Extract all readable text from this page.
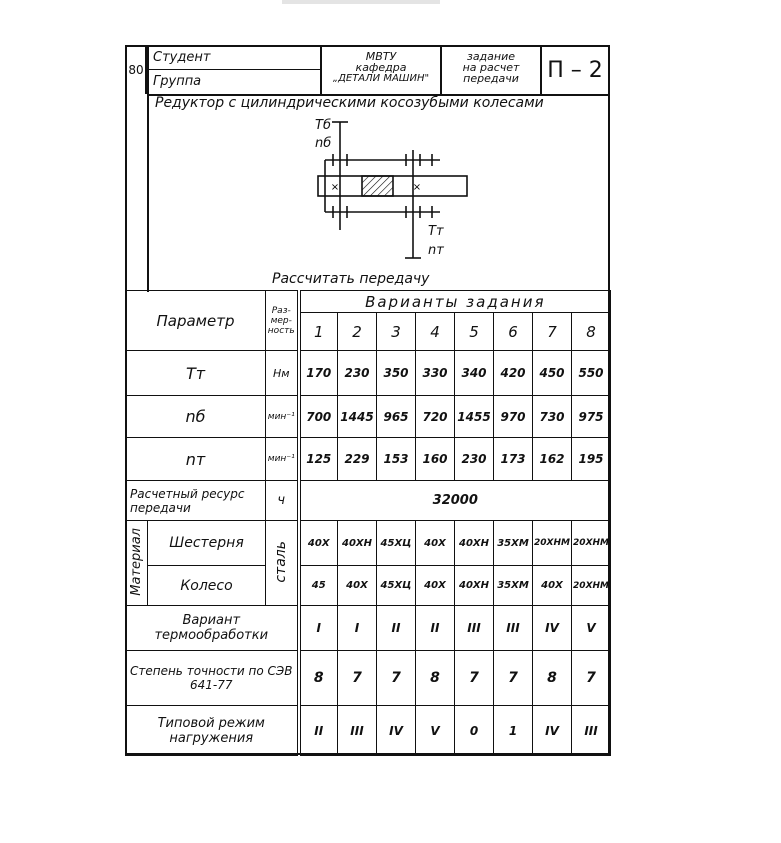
80
Студент
Группа
МВТУ
кафедра
„ДЕТАЛИ МАШИН"
задание
на расчет
передачи	П – 2
Редуктор с цилиндрическими косозубыми колесами
Рассчитать передачу
×	×
Tб
nб
Tт
nт
Параметр		Раз-мер-ность	Варианты задания							
			1	2	3	4	5	6	7	8
Tт		Нм	170	230	350	330	340	420	450	550
nб		мин⁻¹	700	1445	965	720	1455	970	730	975
nт		мин⁻¹	125	229	153	160	230	173	162	195
Расчетный ресурс передачи		ч	32000							
Материал	Шестерня	сталь	40Х	40ХН	45ХЦ	40Х	40ХН	35ХМ	20ХНМ	20ХНМ
	Колесо		45	40Х	45ХЦ	40Х	40ХН	35ХМ	40Х	20ХНМ
Вариант термообработки			I	I	II	II	III	III	IV	V
Степень точности по СЭВ 641-77			8	7	7	8	7	7	8	7
Типовой режим нагружения			II	III	IV	V	0	1	IV	III
